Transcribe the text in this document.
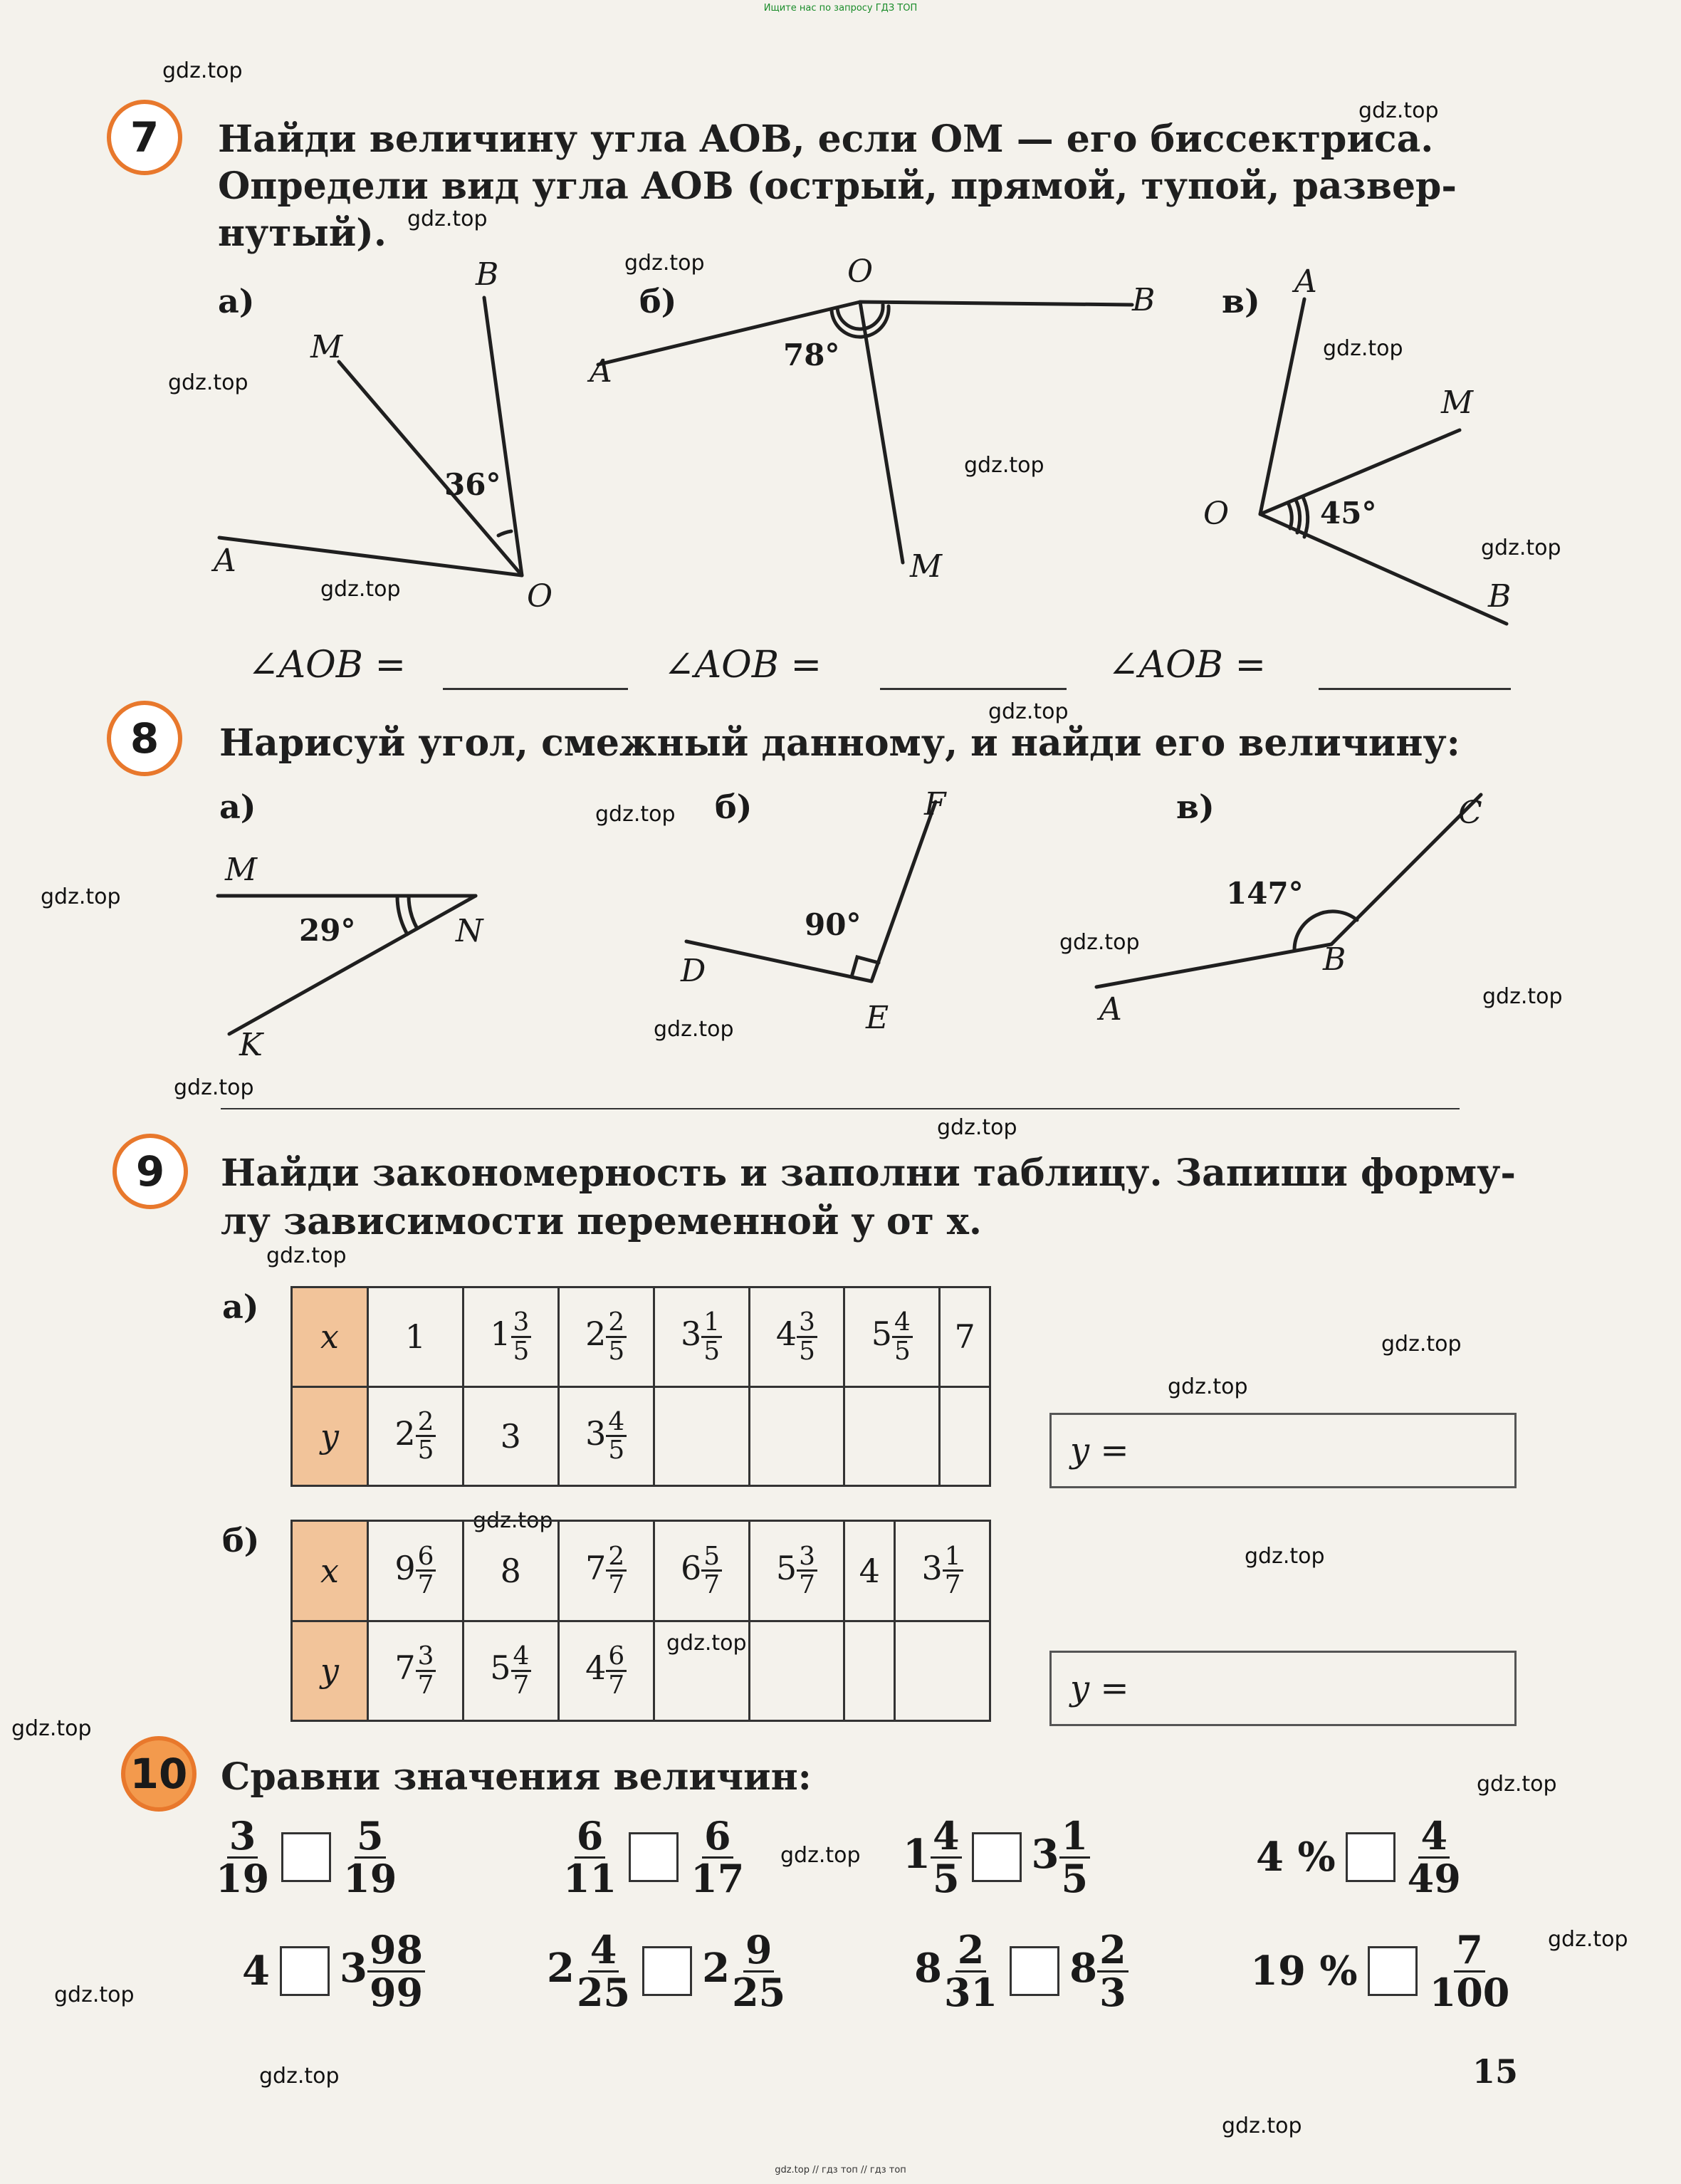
Ищите нас по запросу ГДЗ ТОП
gdz.top
gdz.top
gdz.top
gdz.top
gdz.top
gdz.top
gdz.top
gdz.top
gdz.top
gdz.top
gdz.top
gdz.top
gdz.top
gdz.top
gdz.top
gdz.top
gdz.top
gdz.top
gdz.top
gdz.top
gdz.top
gdz.top
gdz.top
gdz.top
gdz.top
gdz.top
gdz.top
gdz.top
gdz.top
gdz.top
7	Найди величину угла AOB, если OM — его биссектриса.
Определи вид угла AOB (острый, прямой, тупой, развер-
нутый).
а)
B
M
A
O
36°
б)
O
B
A
M
78°
в)
A
M
O
B
45°
∠AOB =	∠AOB =	∠AOB =
8	Нарисуй угол, смежный данному, и найди его величину:
а)
M
N
K
29°
б)	F
D
E
90°
в)	C
A
B
147°
9	Найди закономерность и заполни таблицу. Запиши форму-
лу зависимости переменной y от x.
а)
x	1	$1 \frac{3}{5}$	$2 \frac{2}{5}$	$3 \frac{1}{5}$	$4 \frac{3}{5}$	$5 \frac{4}{5}$	7
y	$2 \frac{2}{5}$	3	$3 \frac{4}{5}$
					y =
б)
x	$9 \frac{6}{7}$	8	$7 \frac{2}{7}$	$6 \frac{5}{7}$	$5 \frac{3}{7}$	4	$3 \frac{1}{7}$

y	$7 \frac{3}{7}$	$5 \frac{4}{7}$	$4 \frac{6}{7}$
					y =
10 Сравни значения величин:
$\frac{3}{19} \frac{5}{19}$	$\frac{6}{11} \frac{6}{17}$	$1 \frac{4}{5} 3 \frac{1}{5}$	4 % $\frac{4}{49}$
4 $3 \frac{98}{99}$	$2 \frac{4}{25} 2 \frac{9}{25}$	$8 \frac{2}{31} 8 \frac{2}{3}$	19 % $\frac{7}{100}$
15
gdz.top // гдз топ // гдз топ
